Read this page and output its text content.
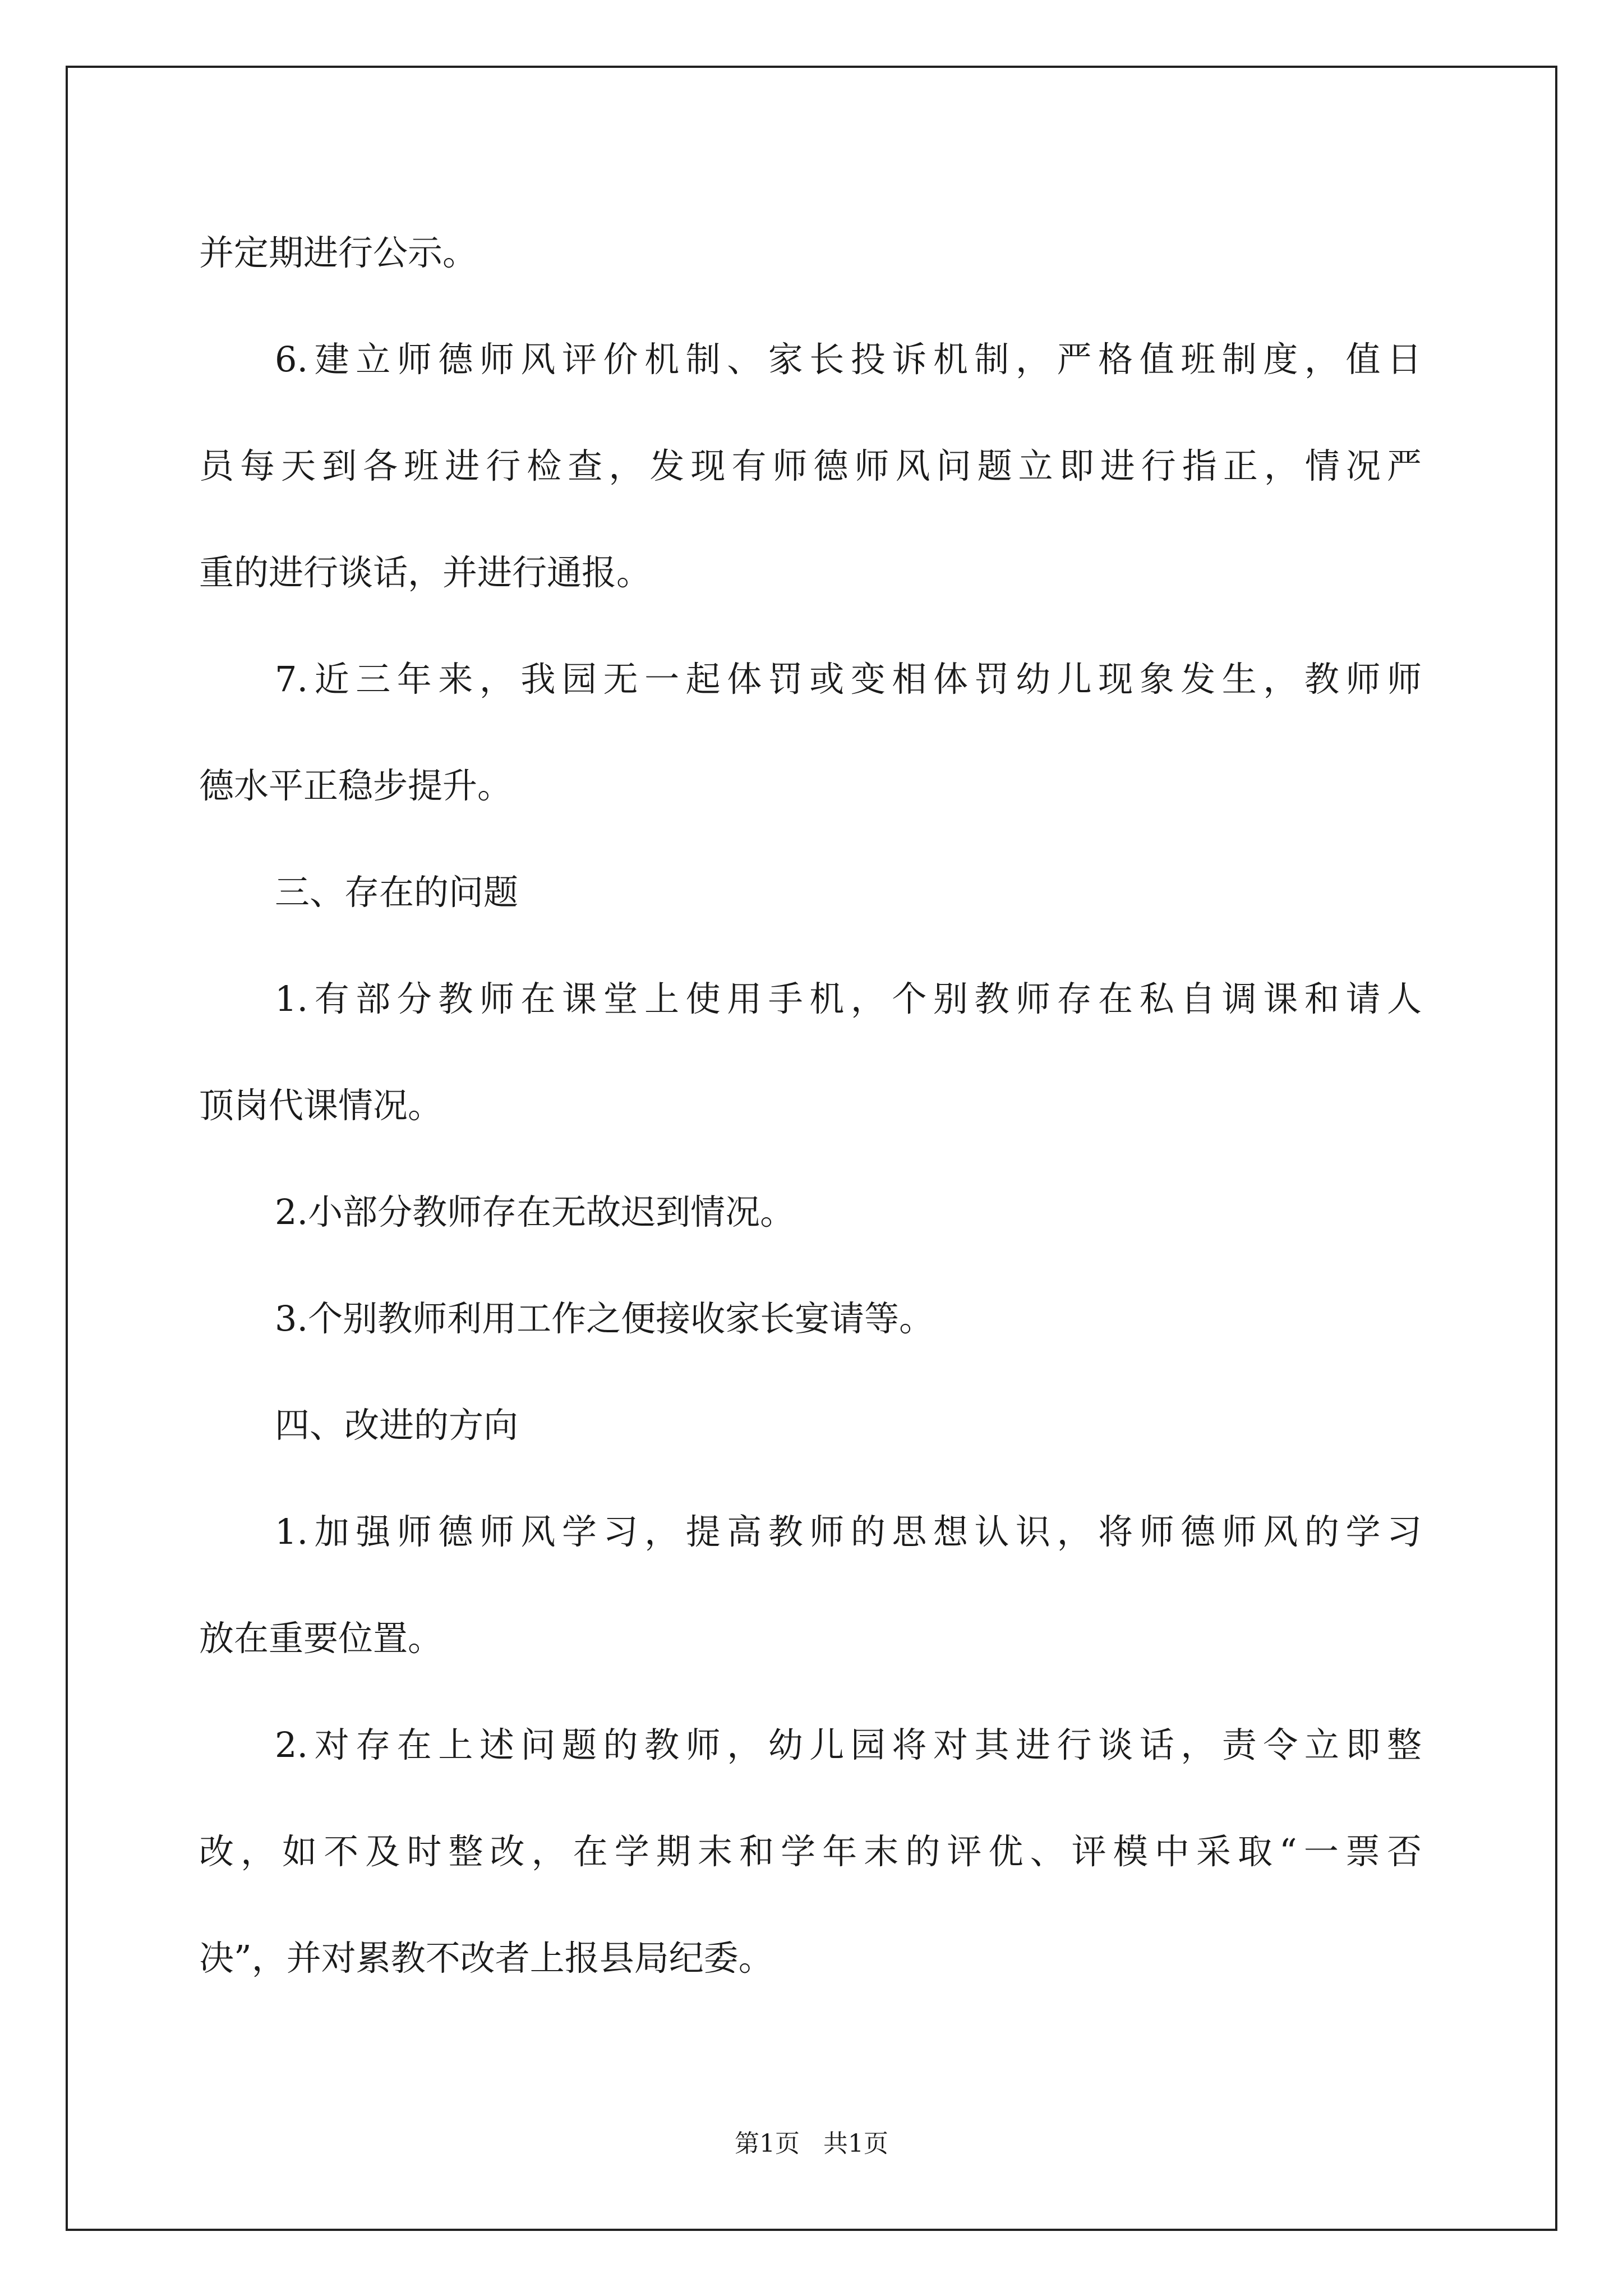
并定期进行公示。

6.建立师德师风评价机制、家长投诉机制，严格值班制度，值日

员每天到各班进行检查，发现有师德师风问题立即进行指正，情况严

重的进行谈话，并进行通报。

7.近三年来，我园无一起体罚或变相体罚幼儿现象发生，教师师

德水平正稳步提升。

三、存在的问题

1.有部分教师在课堂上使用手机，个别教师存在私自调课和请人

顶岗代课情况。

2.小部分教师存在无故迟到情况。

3.个别教师利用工作之便接收家长宴请等。

四、改进的方向

1.加强师德师风学习，提高教师的思想认识，将师德师风的学习

放在重要位置。

2.对存在上述问题的教师，幼儿园将对其进行谈话，责令立即整

改，如不及时整改，在学期末和学年末的评优、评模中采取“一票否

决”，并对累教不改者上报县局纪委。

第1页   共1页
